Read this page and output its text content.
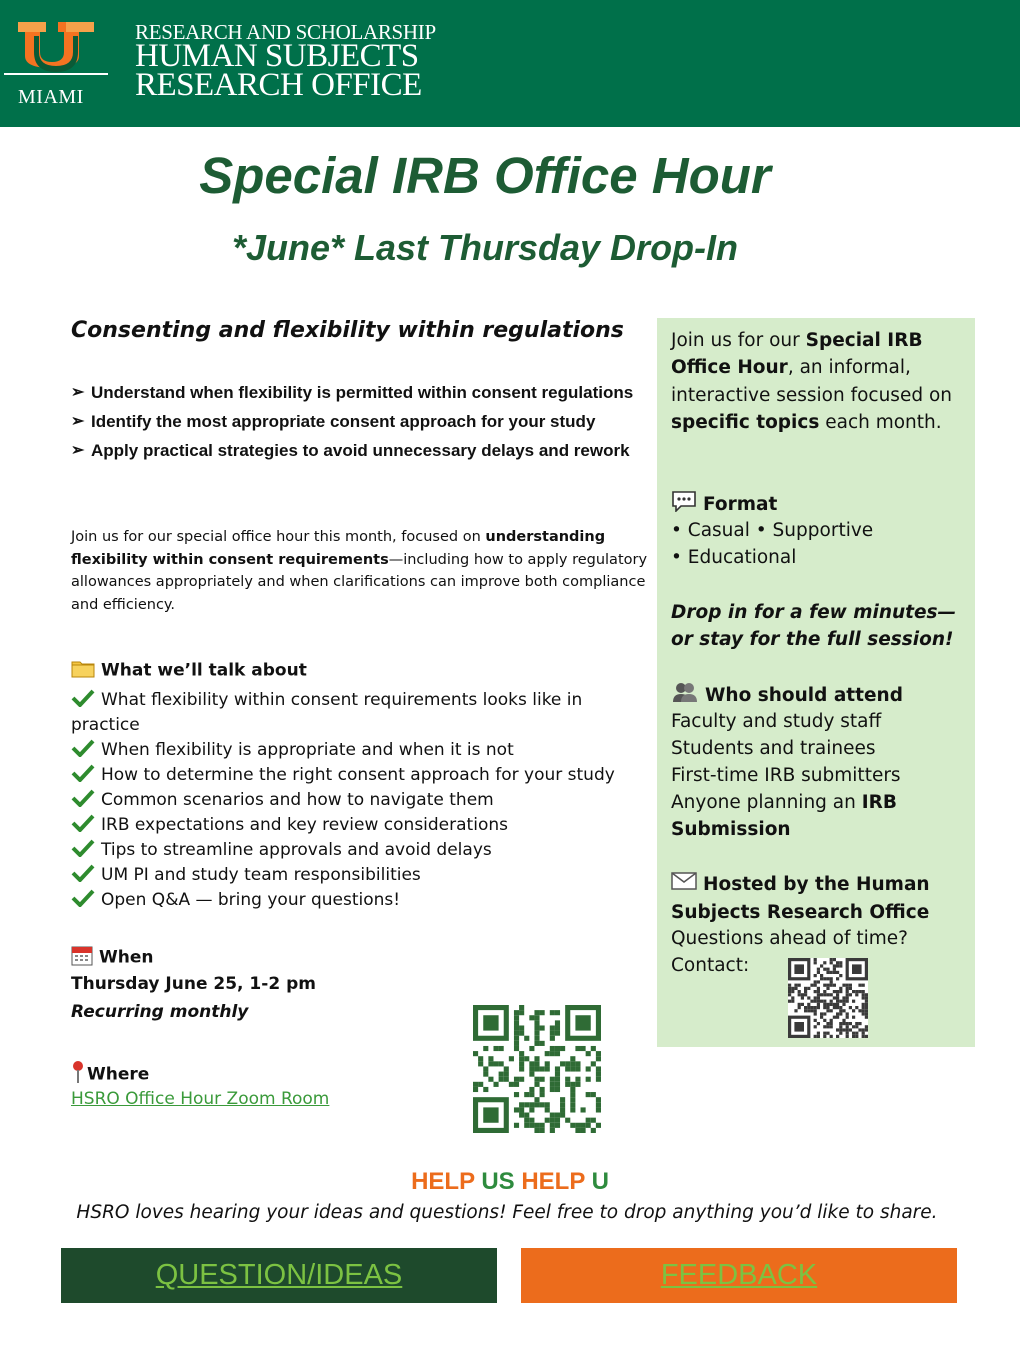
MIAMI
RESEARCH AND SCHOLARSHIP
HUMAN SUBJECTS
RESEARCH OFFICE
Special IRB Office Hour
*June* Last Thursday Drop-In
Consenting and flexibility within regulations
➢ Understand when flexibility is permitted within consent regulations
➢ Identify the most appropriate consent approach for your study
➢ Apply practical strategies to avoid unnecessary delays and rework
Join us for our special office hour this month, focused on understanding flexibility within consent requirements—including how to apply regulatory allowances appropriately and when clarifications can improve both compliance and efficiency.
What we’ll talk about
What flexibility within consent requirements looks like in practice
When flexibility is appropriate and when it is not
How to determine the right consent approach for your study
Common scenarios and how to navigate them
IRB expectations and key review considerations
Tips to streamline approvals and avoid delays
UM PI and study team responsibilities
Open Q&A — bring your questions!
When
Thursday June 25, 1-2 pm
Recurring monthly
Where
HSRO Office Hour Zoom Room

Join us for our Special IRB Office Hour, an informal, interactive session focused on specific topics each month.

Format

• Casual • Supportive

• Educational

Drop in for a few minutes—or stay for the full session!

Who should attend

Faculty and study staff

Students and trainees

First-time IRB submitters

Anyone planning an IRB Submission

Hosted by the Human Subjects Research Office

Questions ahead of time?

Contact:

HELP US HELP U
HSRO loves hearing your ideas and questions! Feel free to drop anything you’d like to share.
QUESTION/IDEAS	FEEDBACK
